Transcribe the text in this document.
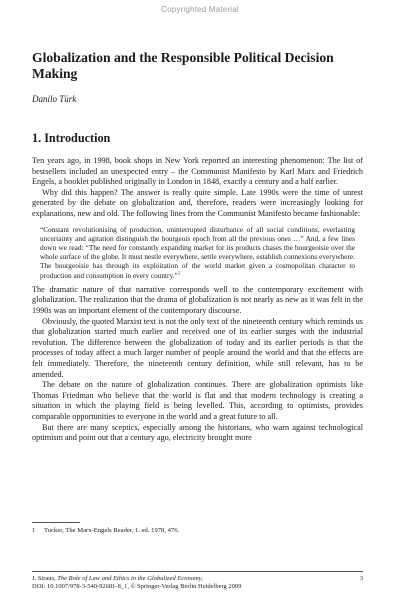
Copyrighted Material
Globalization and the Responsible Political Decision Making

Danilo Türk

1. Introduction

Ten years ago, in 1998, book shops in New York reported an interesting phenomenon: The list of bestsellers included an unexpected entry – the Communist Manifesto by Karl Marx and Friedrich Engels, a booklet published originally in London in 1848, exactly a century and a half earlier.

Why did this happen? The answer is really quite simple. Late 1990s were the time of unrest generated by the debate on globalization and, therefore, readers were increasingly looking for explanations, new and old. The following lines from the Communist Manifesto became fashionable:

“Constant revolutionising of production, uninterrupted disturbance of all social conditions, everlasting uncertainty and agitation distinguish the bourgeois epoch from all the previous ones …” And, a few lines down we read: “The need for constantly expanding market for its products chases the bourgeoisie over the whole surface of the globe. It must nestle everywhere, settle everywhere, establish connexions everywhere. The bourgeoisie has through its exploitation of the world market given a cosmopolitan character to production and consumption in every country.”$^1$

The dramatic nature of that narrative corresponds well to the contemporary excitement with globalization. The realization that the drama of globalization is not nearly as new as it was felt in the 1990s was an important element of the contemporary discourse.

Obviously, the quoted Marxist text is not the only text of the nineteenth century which reminds us that globalization started much earlier and received one of its earlier surges with the industrial revolution. The difference between the globalization of today and its earlier periods is that the processes of today affect a much larger number of people around the world and that the effects are felt immediately. Therefore, the nineteenth century definition, while still relevant, has to be amended.

The debate on the nature of globalization continues. There are globalization optimists like Thomas Friedman who believe that the world is flat and that modern technology is creating a situation in which the playing field is being levelled. This, according to optimists, provides comparable opportunities to everyone in the world and a great future to all.

But there are many sceptics, especially among the historians, who warn against technological optimism and point out that a century ago, electricity brought more

1 Tucker, The Marx-Engels Reader, 1. ed. 1978, 476.
J. Straus, The Role of Law and Ethics in the Globalized Economy,	3
DOI: 10.1007/978-3-540-92681-8_1, © Springer-Verlag Berlin Heidelberg 2009
